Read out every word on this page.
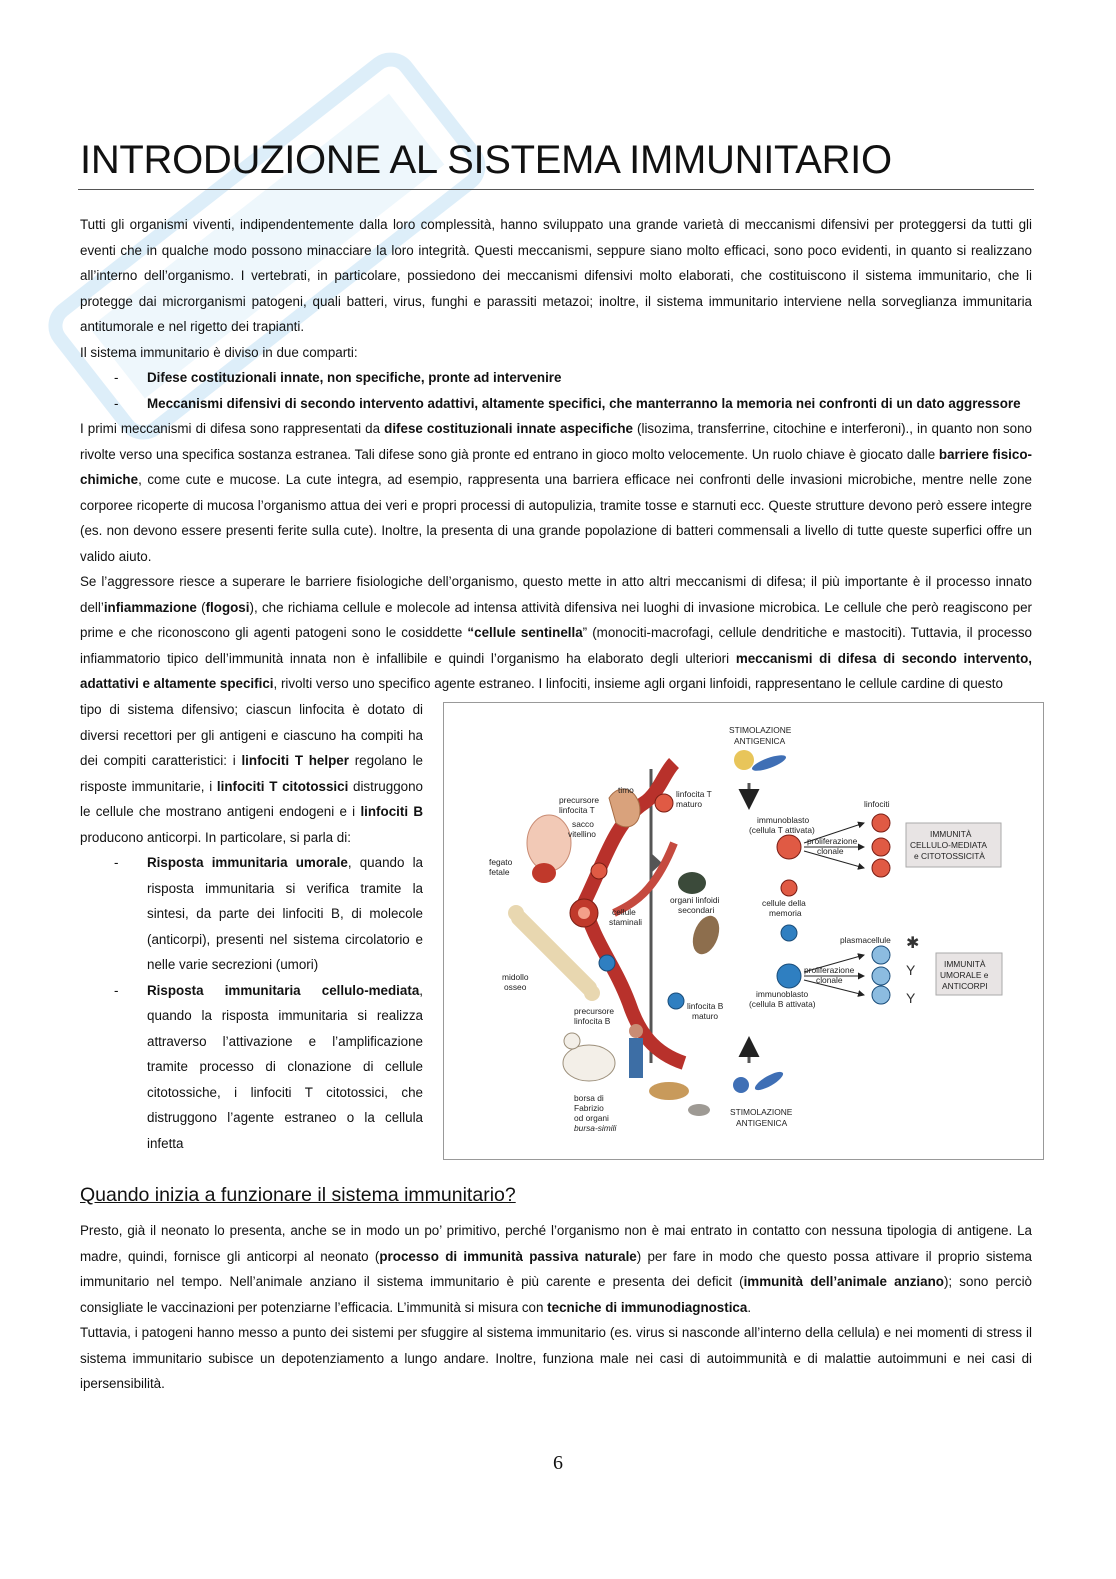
INTRODUZIONE AL SISTEMA IMMUNITARIO

Tutti gli organismi viventi, indipendentemente dalla loro complessità, hanno sviluppato una grande varietà di meccanismi difensivi per proteggersi da tutti gli eventi che in qualche modo possono minacciare la loro integrità. Questi meccanismi, seppure siano molto efficaci, sono poco evidenti, in quanto si realizzano all’interno dell’organismo. I vertebrati, in particolare, possiedono dei meccanismi difensivi molto elaborati, che costituiscono il sistema immunitario, che li protegge dai microrganismi patogeni, quali batteri, virus, funghi e parassiti metazoi; inoltre, il sistema immunitario interviene nella sorveglianza immunitaria antitumorale e nel rigetto dei trapianti.

Il sistema immunitario è diviso in due comparti:

- Difese costituzionali innate, non specifiche, pronte ad intervenire
- Meccanismi difensivi di secondo intervento adattivi, altamente specifici, che manterranno la memoria nei confronti di un dato aggressore

I primi meccanismi di difesa sono rappresentati da difese costituzionali innate aspecifiche (lisozima, transferrine, citochine e interferoni)., in quanto non sono rivolte verso una specifica sostanza estranea. Tali difese sono già pronte ed entrano in gioco molto velocemente. Un ruolo chiave è giocato dalle barriere fisico-chimiche, come cute e mucose. La cute integra, ad esempio, rappresenta una barriera efficace nei confronti delle invasioni microbiche, mentre nelle zone corporee ricoperte di mucosa l’organismo attua dei veri e propri processi di autopulizia, tramite tosse e starnuti ecc. Queste strutture devono però essere integre (es. non devono essere presenti ferite sulla cute). Inoltre, la presenta di una grande popolazione di batteri commensali a livello di tutte queste superfici offre un valido aiuto.

Se l’aggressore riesce a superare le barriere fisiologiche dell’organismo, questo mette in atto altri meccanismi di difesa; il più importante è il processo innato dell’infiammazione (flogosi), che richiama cellule e molecole ad intensa attività difensiva nei luoghi di invasione microbica. Le cellule che però reagiscono per prime e che riconoscono gli agenti patogeni sono le cosiddette “cellule sentinella” (monociti-macrofagi, cellule dendritiche e mastociti). Tuttavia, il processo infiammatorio tipico dell’immunità innata non è infallibile e quindi l’organismo ha elaborato degli ulteriori meccanismi di difesa di secondo intervento, adattativi e altamente specifici, rivolti verso uno specifico agente estraneo. I linfociti, insieme agli organi linfoidi, rappresentano le cellule cardine di questo

tipo di sistema difensivo; ciascun linfocita è dotato di diversi recettori per gli antigeni e ciascuno ha compiti ha dei compiti caratteristici: i linfociti T helper regolano le risposte immunitarie, i linfociti T citotossici distruggono le cellule che mostrano antigeni endogeni e i linfociti B producono anticorpi. In particolare, si parla di:

- Risposta immunitaria umorale, quando la risposta immunitaria si verifica tramite la sintesi, da parte dei linfociti B, di molecole (anticorpi), presenti nel sistema circolatorio e nelle varie secrezioni (umori)
- Risposta immunitaria cellulo-mediata, quando la risposta immunitaria si realizza attraverso l’attivazione e l’amplificazione tramite processo di clonazione di cellule citotossiche, i linfociti T citotossici, che distruggono l’agente estraneo o la cellula infetta
✱
Y
Y
STIMOLAZIONE
ANTIGENICA
timo
precursore
linfocita T
sacco
vitellino
linfocita T
maturo
fegato
fetale
cellule
staminali
organi linfoidi
secondari
midollo
osseo
precursore
linfocita B
linfocita B
maturo
borsa di
Fabrizio
od organi
bursa-simili
immunoblasto
(cellula T attivata)
proliferazione
clonale
linfociti
cellule della
memoria
plasmacellule
proliferazione
clonale
immunoblasto
(cellula B attivata)
STIMOLAZIONE
ANTIGENICA
IMMUNITÀ
CELLULO-MEDIATA
e CITOTOSSICITÀ
IMMUNITÀ
UMORALE e
ANTICORPI
Quando inizia a funzionare il sistema immunitario?

Presto, già il neonato lo presenta, anche se in modo un po’ primitivo, perché l’organismo non è mai entrato in contatto con nessuna tipologia di antigene. La madre, quindi, fornisce gli anticorpi al neonato (processo di immunità passiva naturale) per fare in modo che questo possa attivare il proprio sistema immunitario nel tempo. Nell’animale anziano il sistema immunitario è più carente e presenta dei deficit (immunità dell’animale anziano); sono perciò consigliate le vaccinazioni per potenziarne l’efficacia. L’immunità si misura con tecniche di immunodiagnostica.

Tuttavia, i patogeni hanno messo a punto dei sistemi per sfuggire al sistema immunitario (es. virus si nasconde all’interno della cellula) e nei momenti di stress il sistema immunitario subisce un depotenziamento a lungo andare. Inoltre, funziona male nei casi di autoimmunità e di malattie autoimmuni e nei casi di ipersensibilità.

6
